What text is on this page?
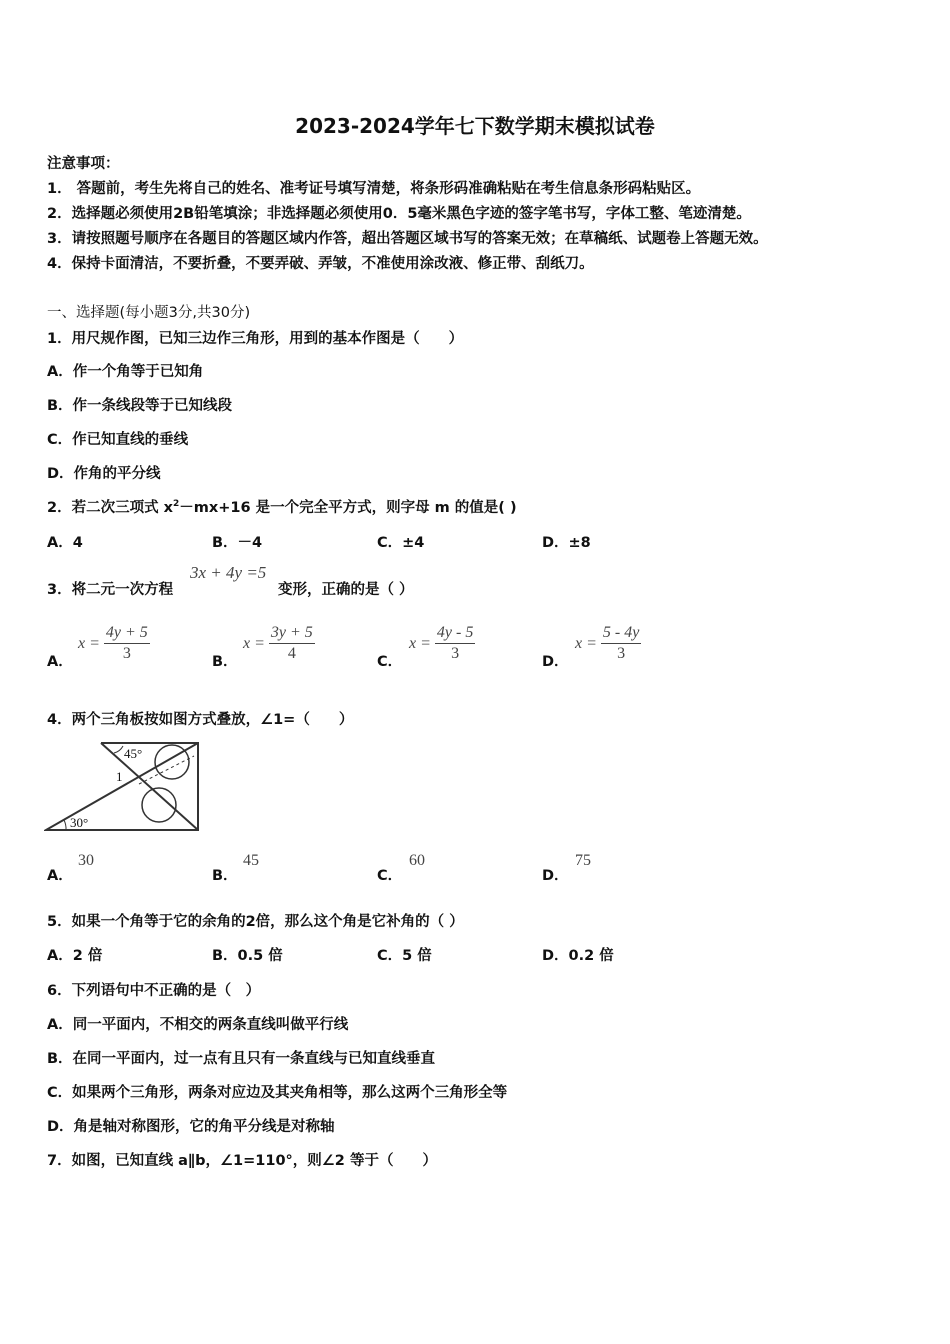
2023-2024学年七下数学期末模拟试卷
注意事项：
1． 答题前，考生先将自己的姓名、准考证号填写清楚，将条形码准确粘贴在考生信息条形码粘贴区。
2．选择题必须使用2B铅笔填涂；非选择题必须使用0．5毫米黑色字迹的签字笔书写，字体工整、笔迹清楚。
3．请按照题号顺序在各题目的答题区域内作答，超出答题区域书写的答案无效；在草稿纸、试题卷上答题无效。
4．保持卡面清洁，不要折叠，不要弄破、弄皱，不准使用涂改液、修正带、刮纸刀。
一、选择题(每小题3分,共30分)
1．用尺规作图，已知三边作三角形，用到的基本作图是（　　）
A．作一个角等于已知角
B．作一条线段等于已知线段
C．作已知直线的垂线
D．作角的平分线
2．若二次三项式 $x^2-mx+16$ 是一个完全平方式，则字母 m 的值是( )
A．4	B．－4	C．±4	D．±8
3．将二元一次方程
3x + 4y =5
变形，正确的是（ ）
A．
$x = \frac{4y + 5}{3}$	B．
$x = \frac{3y + 5}{4}$	C．
$x = \frac{4y - 5}{3}$	D．
$x = \frac{5 - 4y}{3}$
4．两个三角板按如图方式叠放，∠1=（　　）
45°
1
30°
A．
30
B．
45
C．
60
D．
75
5．如果一个角等于它的余角的2倍，那么这个角是它补角的（ ）
A．2 倍	B．0.5 倍	C．5 倍	D．0.2 倍
6．下列语句中不正确的是（　）
A．同一平面内，不相交的两条直线叫做平行线
B．在同一平面内，过一点有且只有一条直线与已知直线垂直
C．如果两个三角形，两条对应边及其夹角相等，那么这两个三角形全等
D．角是轴对称图形，它的角平分线是对称轴
7．如图，已知直线 a∥b，∠1=110°，则∠2 等于（　　）
